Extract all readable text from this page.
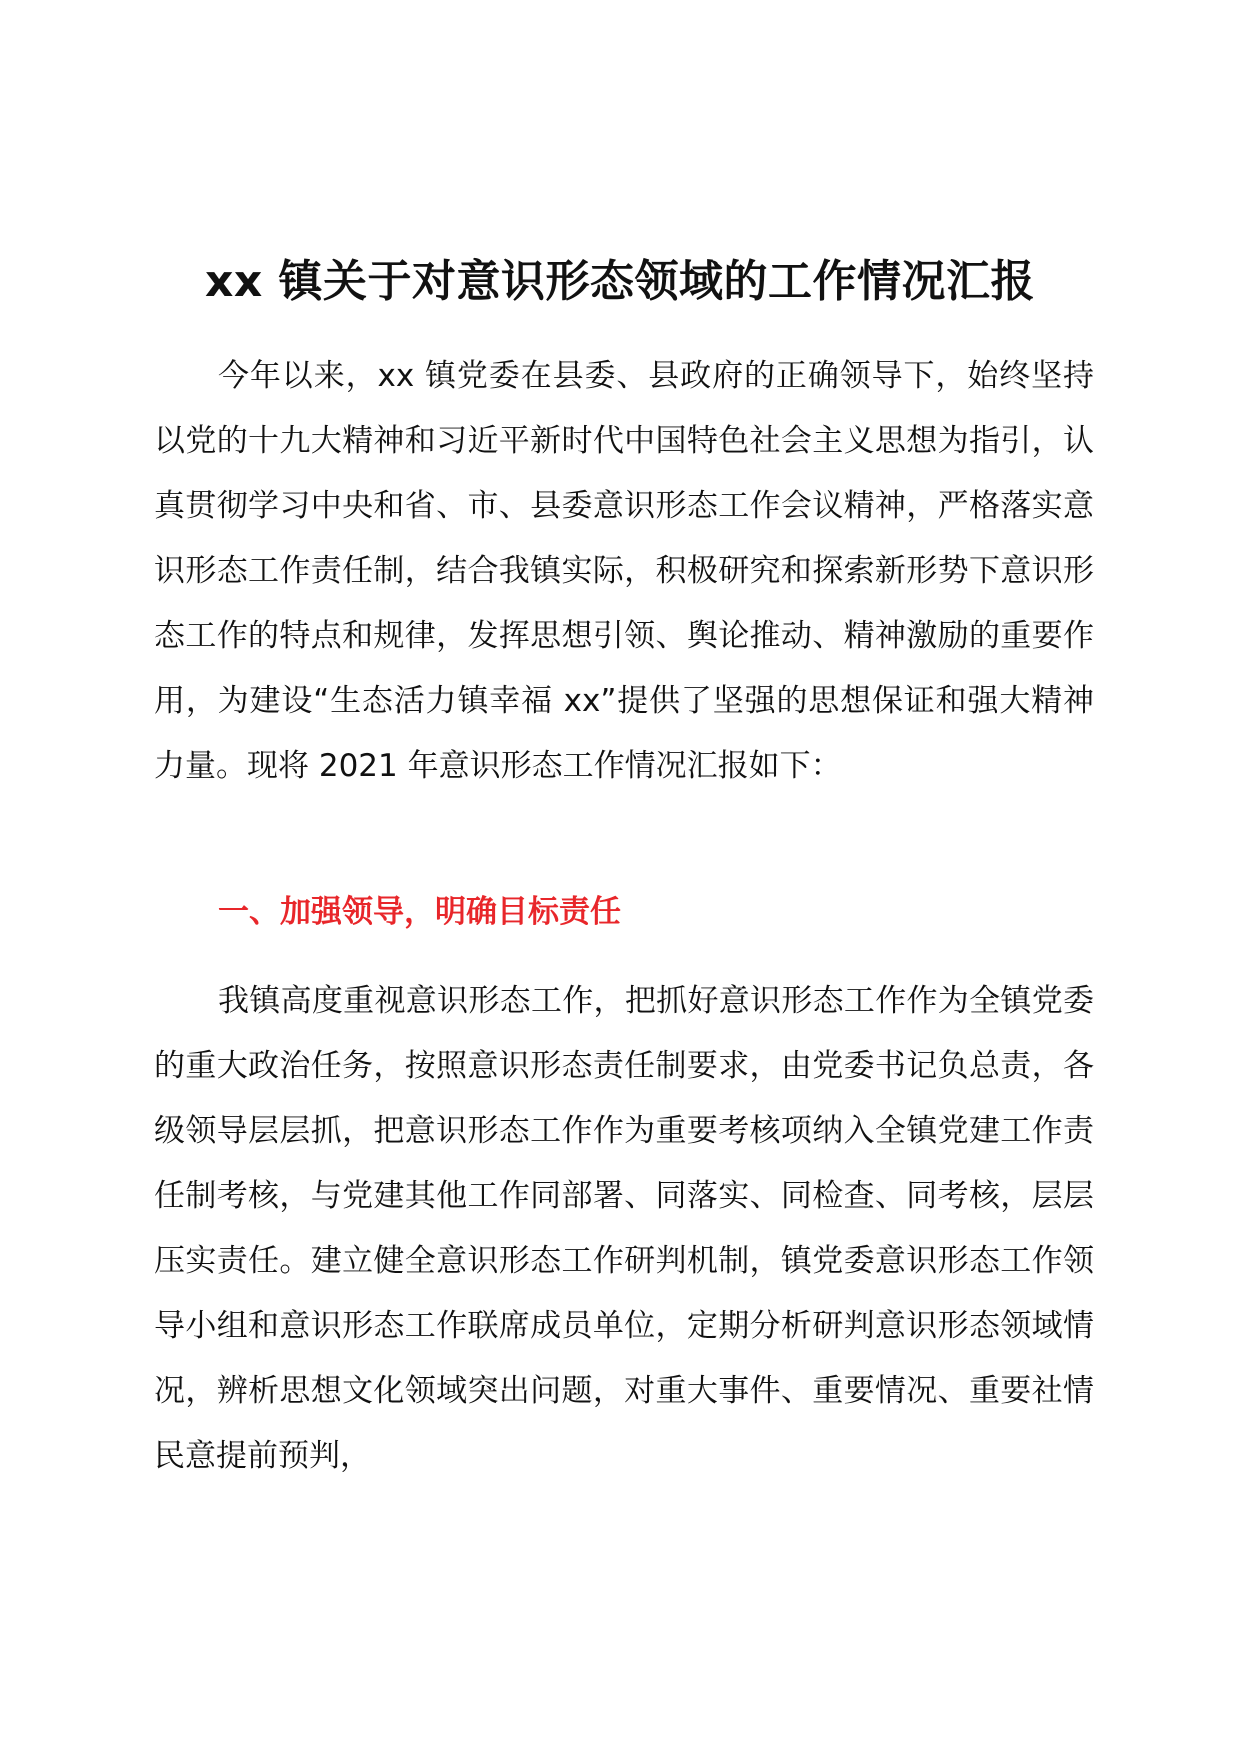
xx 镇关于对意识形态领域的工作情况汇报

今年以来，xx 镇党委在县委、县政府的正确领导下，始终坚持以党的十九大精神和习近平新时代中国特色社会主义思想为指引，认真贯彻学习中央和省、市、县委意识形态工作会议精神，严格落实意识形态工作责任制，结合我镇实际，积极研究和探索新形势下意识形态工作的特点和规律，发挥思想引领、舆论推动、精神激励的重要作用，为建设“生态活力镇幸福 xx”提供了坚强的思想保证和强大精神力量。现将 2021 年意识形态工作情况汇报如下：

一、加强领导，明确目标责任

我镇高度重视意识形态工作，把抓好意识形态工作作为全镇党委的重大政治任务，按照意识形态责任制要求，由党委书记负总责，各级领导层层抓，把意识形态工作作为重要考核项纳入全镇党建工作责任制考核，与党建其他工作同部署、同落实、同检查、同考核，层层压实责任。建立健全意识形态工作研判机制，镇党委意识形态工作领导小组和意识形态工作联席成员单位，定期分析研判意识形态领域情况，辨析思想文化领域突出问题，对重大事件、重要情况、重要社情民意提前预判，
